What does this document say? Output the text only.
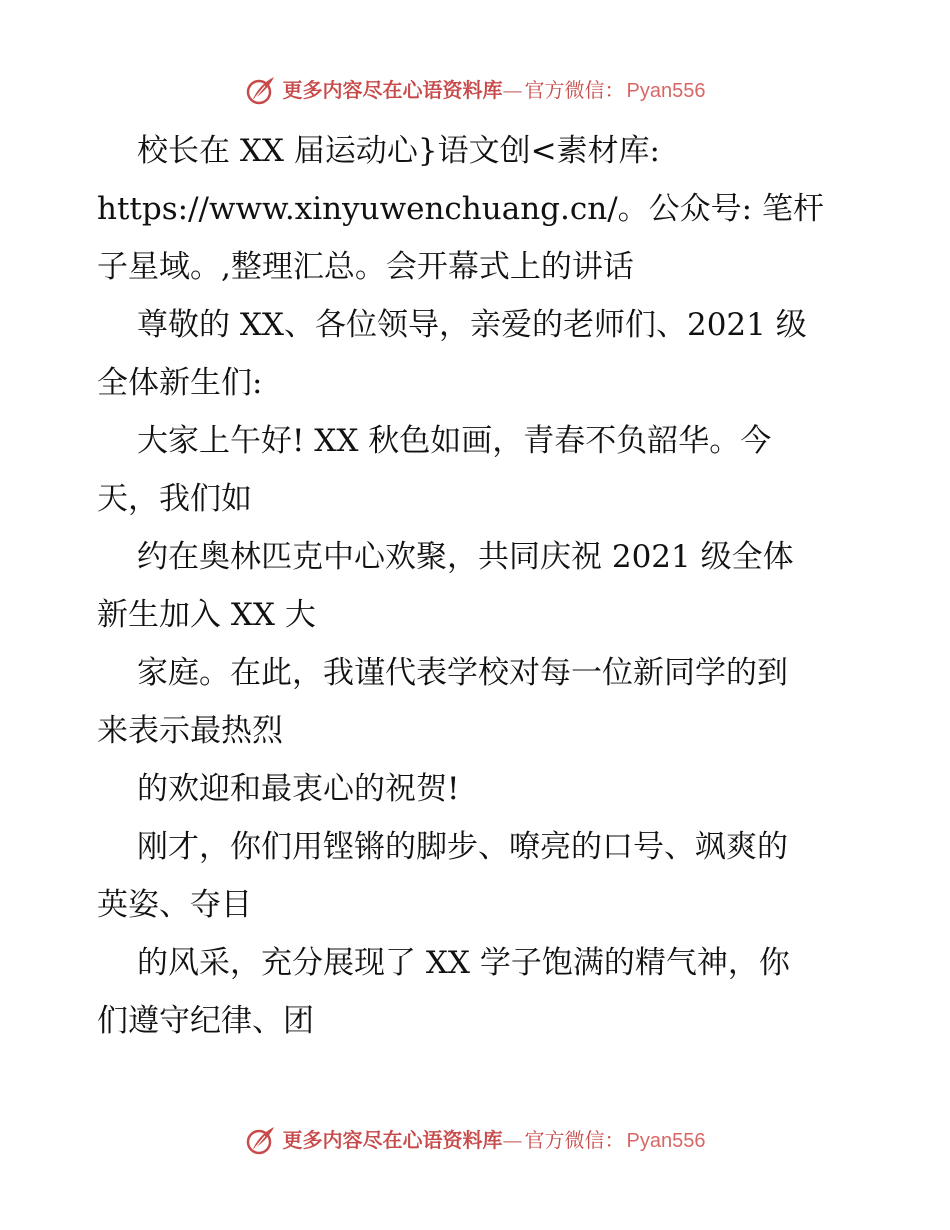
更多内容尽在心语资料库 — 官方微信： Pyan556
校长在 XX 届运动心}语文创<素材库:
https://www.xinyuwenchuang.cn/。公众号: 笔杆
子星域。,整理汇总。会开幕式上的讲话
尊敬的 XX、各位领导，亲爱的老师们、2021 级
全体新生们:
大家上午好! XX 秋色如画，青春不负韶华。今
天，我们如
约在奥林匹克中心欢聚，共同庆祝 2021 级全体
新生加入 XX 大
家庭。在此，我谨代表学校对每一位新同学的到
来表示最热烈
的欢迎和最衷心的祝贺!
刚才，你们用铿锵的脚步、嘹亮的口号、飒爽的
英姿、夺目
的风采，充分展现了 XX 学子饱满的精气神，你
们遵守纪律、团
更多内容尽在心语资料库 — 官方微信： Pyan556
